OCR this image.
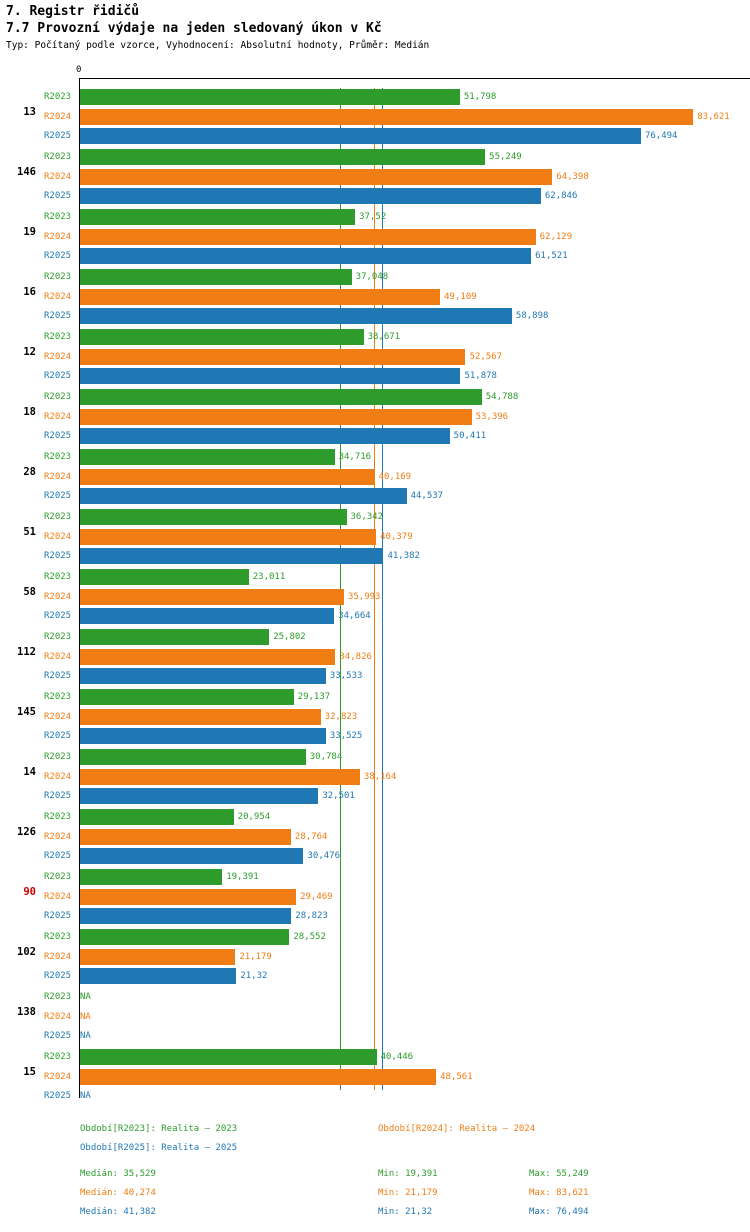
7. Registr řidičů
7.7 Provozní výdaje na jeden sledovaný úkon v Kč
Typ: Počítaný podle vzorce, Vyhodnocení: Absolutní hodnoty, Průměr: Medián
0
13
R2023	51,798
R2024	83,621
R2025	76,494
146
R2023	55,249
R2024	64,398
R2025	62,846
19
R2023	37,52
R2024	62,129
R2025	61,521
16
R2023	37,048
R2024	49,109
R2025	58,898
12
R2023	38,671
R2024	52,567
R2025	51,878
18
R2023	54,788
R2024	53,396
R2025	50,411
28
R2023	34,716
R2024	40,169
R2025	44,537
51
R2023	36,342
R2024	40,379
R2025	41,382
58
R2023	23,011
R2024	35,993
R2025	34,664
112
R2023	25,802
R2024	34,826
R2025	33,533
145
R2023	29,137
R2024	32,823
R2025	33,525
14
R2023	30,784
R2024	38,164
R2025	32,501
126
R2023	20,954
R2024	28,764
R2025	30,476
90
R2023	19,391
R2024	29,469
R2025	28,823
102
R2023	28,552
R2024	21,179
R2025	21,32
138
R2023 NA
R2024 NA
R2025 NA
15
R2023	40,446
R2024	48,561
R2025 NA
Období[R2023]: Realita – 2023	Období[R2024]: Realita – 2024
Období[R2025]: Realita – 2025
Medián: 35,529	Min: 19,391	Max: 55,249
Medián: 40,274	Min: 21,179	Max: 83,621
Medián: 41,382	Min: 21,32	Max: 76,494
